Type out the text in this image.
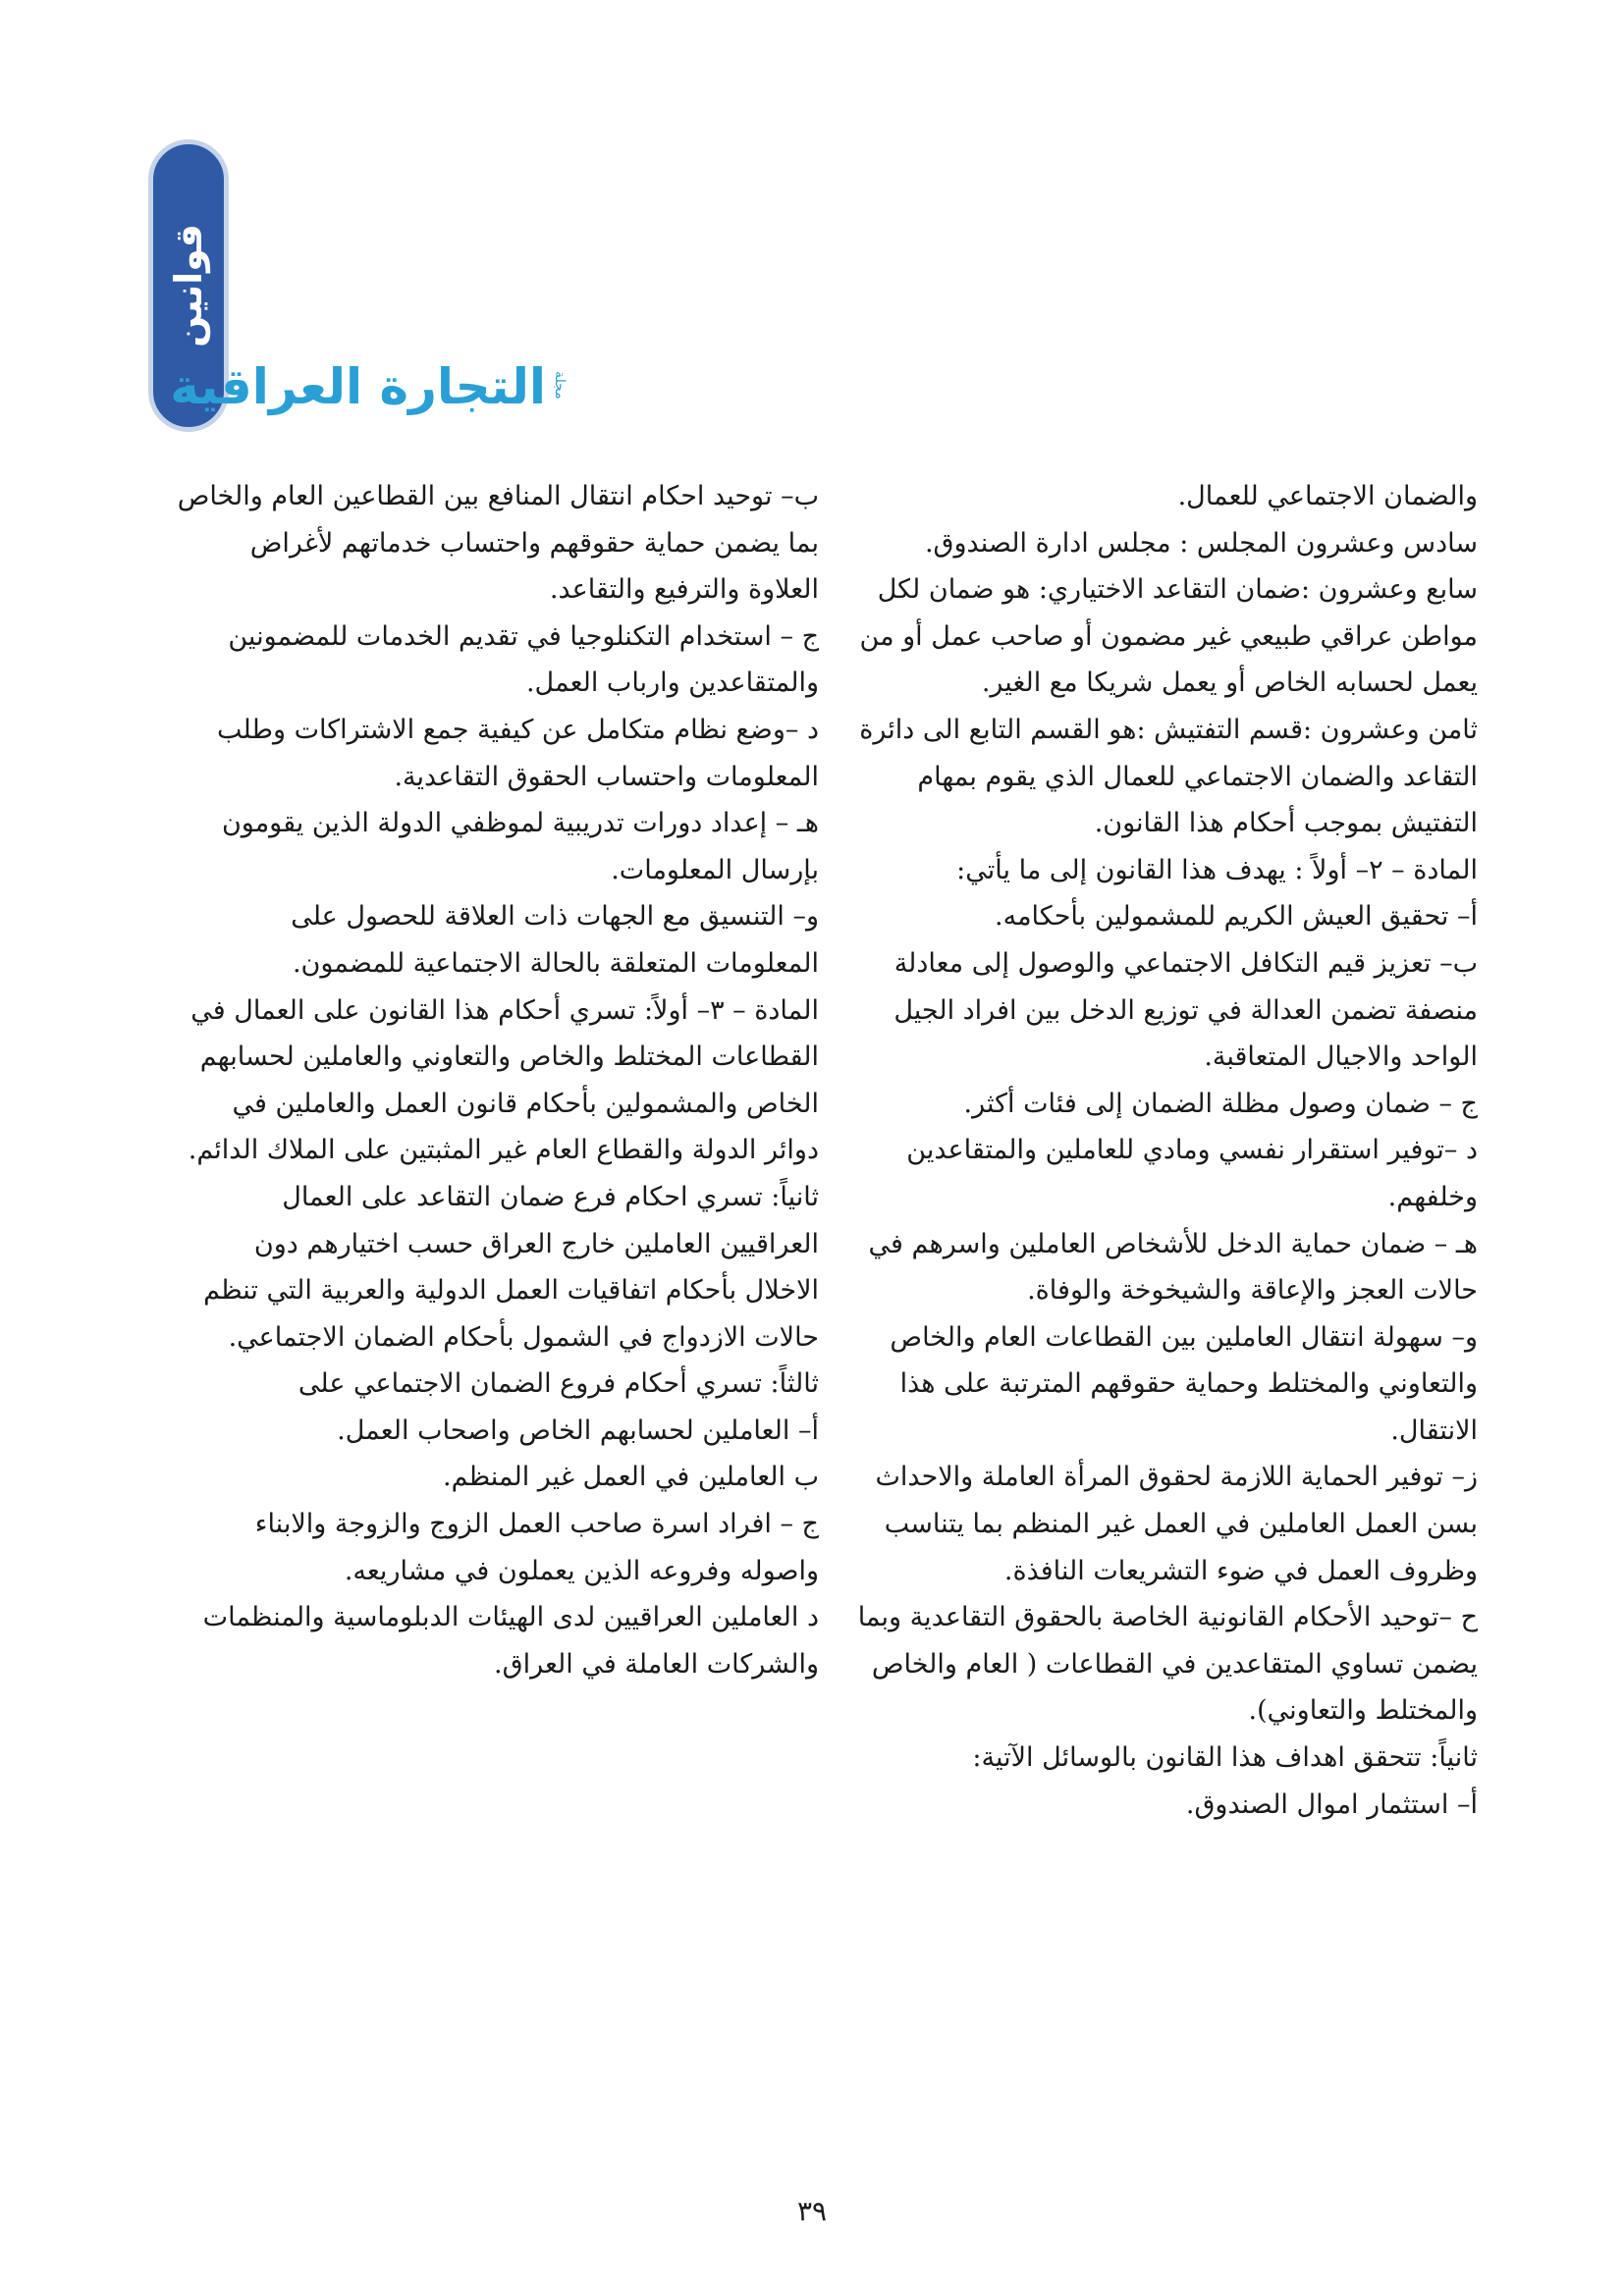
قوانين
التجارة العراقية مجلة

والضمان الاجتماعي للعمال.

سادس وعشرون المجلس : مجلس ادارة الصندوق.

سابع وعشرون :ضمان التقاعد الاختياري: هو ضمان لكل مواطن عراقي طبيعي غير مضمون أو صاحب عمل أو من يعمل لحسابه الخاص أو يعمل شريكا مع الغير.

ثامن وعشرون :قسم التفتيش :هو القسم التابع الى دائرة التقاعد والضمان الاجتماعي للعمال الذي يقوم بمهام التفتيش بموجب أحكام هذا القانون.

المادة – ٢– أولاً : يهدف هذا القانون إلى ما يأتي:

أ– تحقيق العيش الكريم للمشمولين بأحكامه.

ب– تعزيز قيم التكافل الاجتماعي والوصول إلى معادلة منصفة تضمن العدالة في توزيع الدخل بين افراد الجيل الواحد والاجيال المتعاقبة.

ج – ضمان وصول مظلة الضمان إلى فئات أكثر.

د –توفير استقرار نفسي ومادي للعاملين والمتقاعدين وخلفهم.

هـ – ضمان حماية الدخل للأشخاص العاملين واسرهم في حالات العجز والإعاقة والشيخوخة والوفاة.

و– سهولة انتقال العاملين بين القطاعات العام والخاص والتعاوني والمختلط وحماية حقوقهم المترتبة على هذا الانتقال.

ز– توفير الحماية اللازمة لحقوق المرأة العاملة والاحداث بسن العمل العاملين في العمل غير المنظم بما يتناسب وظروف العمل في ضوء التشريعات النافذة.

ح –توحيد الأحكام القانونية الخاصة بالحقوق التقاعدية وبما يضمن تساوي المتقاعدين في القطاعات ( العام والخاص والمختلط والتعاوني).

ثانياً: تتحقق اهداف هذا القانون بالوسائل الآتية:

أ– استثمار اموال الصندوق.

ب– توحيد احكام انتقال المنافع بين القطاعين العام والخاص بما يضمن حماية حقوقهم واحتساب خدماتهم لأغراض العلاوة والترفيع والتقاعد.

ج – استخدام التكنلوجيا في تقديم الخدمات للمضمونين والمتقاعدين وارباب العمل.

د –وضع نظام متكامل عن كيفية جمع الاشتراكات وطلب المعلومات واحتساب الحقوق التقاعدية.

هـ – إعداد دورات تدريبية لموظفي الدولة الذين يقومون بإرسال المعلومات.

و– التنسيق مع الجهات ذات العلاقة للحصول على المعلومات المتعلقة بالحالة الاجتماعية للمضمون.

المادة – ٣– أولاً: تسري أحكام هذا القانون على العمال في القطاعات المختلط والخاص والتعاوني والعاملين لحسابهم الخاص والمشمولين بأحكام قانون العمل والعاملين في دوائر الدولة والقطاع العام غير المثبتين على الملاك الدائم.

ثانياً: تسري احكام فرع ضمان التقاعد على العمال العراقيين العاملين خارج العراق حسب اختيارهم دون الاخلال بأحكام اتفاقيات العمل الدولية والعربية التي تنظم حالات الازدواج في الشمول بأحكام الضمان الاجتماعي.

ثالثاً: تسري أحكام فروع الضمان الاجتماعي على

أ– العاملين لحسابهم الخاص واصحاب العمل.

ب العاملين في العمل غير المنظم.

ج – افراد اسرة صاحب العمل الزوج والزوجة والابناء واصوله وفروعه الذين يعملون في مشاريعه.

د العاملين العراقيين لدى الهيئات الدبلوماسية والمنظمات والشركات العاملة في العراق.

٣٩
